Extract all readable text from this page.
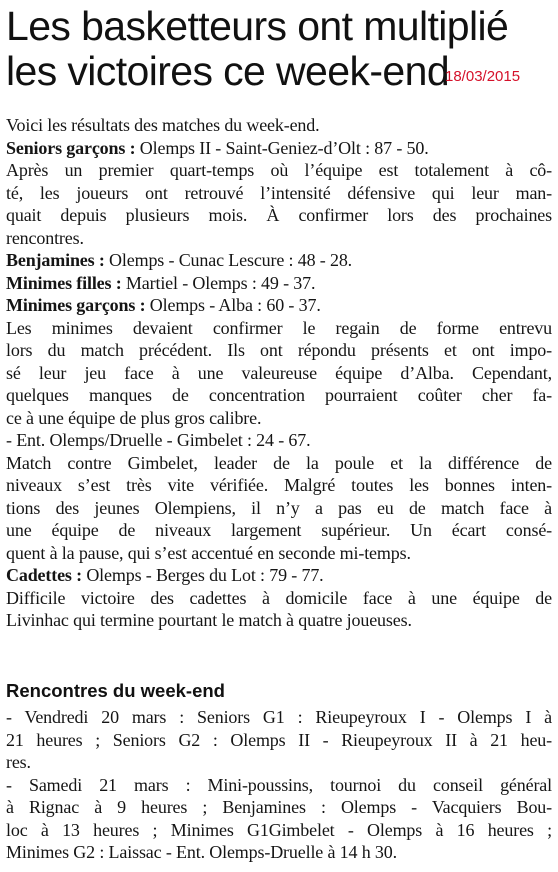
Les basketteurs ont multiplié
les victoires ce week-end
18/03/2015
Voici les résultats des matches du week-end.
Seniors garçons : Olemps II - Saint-Geniez-d’Olt : 87 - 50.
Après un premier quart-temps où l’équipe est totalement à cô-
té, les joueurs ont retrouvé l’intensité défensive qui leur man-
quait depuis plusieurs mois. À confirmer lors des prochaines
rencontres.
Benjamines : Olemps - Cunac Lescure : 48 - 28.
Minimes filles : Martiel - Olemps : 49 - 37.
Minimes garçons : Olemps - Alba : 60 - 37.
Les minimes devaient confirmer le regain de forme entrevu
lors du match précédent. Ils ont répondu présents et ont impo-
sé leur jeu face à une valeureuse équipe d’Alba. Cependant,
quelques manques de concentration pourraient coûter cher fa-
ce à une équipe de plus gros calibre.
- Ent. Olemps/Druelle - Gimbelet : 24 - 67.
Match contre Gimbelet, leader de la poule et la différence de
niveaux s’est très vite vérifiée. Malgré toutes les bonnes inten-
tions des jeunes Olempiens, il n’y a pas eu de match face à
une équipe de niveaux largement supérieur. Un écart consé-
quent à la pause, qui s’est accentué en seconde mi-temps.
Cadettes : Olemps - Berges du Lot : 79 - 77.
Difficile victoire des cadettes à domicile face à une équipe de
Livinhac qui termine pourtant le match à quatre joueuses.
Rencontres du week-end
- Vendredi 20 mars : Seniors G1 : Rieupeyroux I - Olemps I à
21 heures ; Seniors G2 : Olemps II - Rieupeyroux II à 21 heu-
res.
- Samedi 21 mars : Mini-poussins, tournoi du conseil général
à Rignac à 9 heures ; Benjamines : Olemps - Vacquiers Bou-
loc à 13 heures ; Minimes G1Gimbelet - Olemps à 16 heures ;
Minimes G2 : Laissac - Ent. Olemps-Druelle à 14 h 30.
